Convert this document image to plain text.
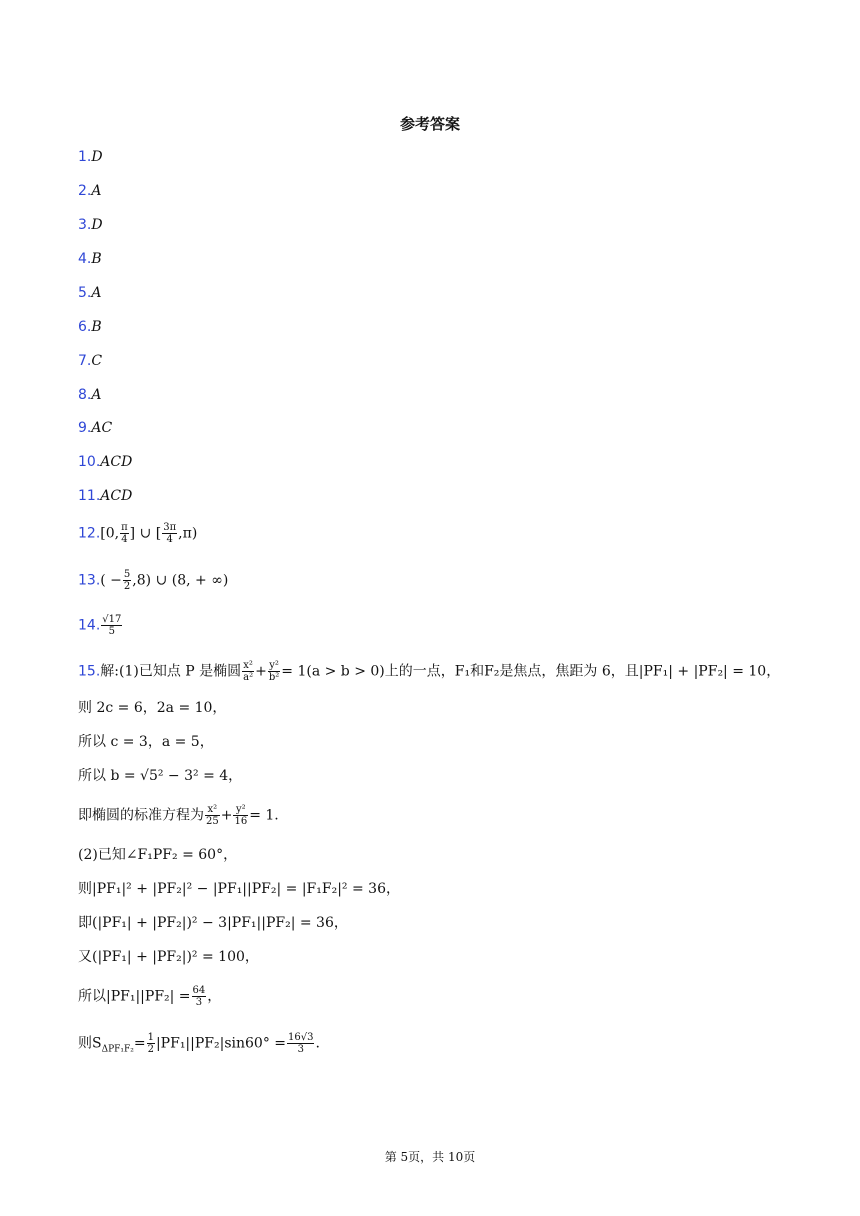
参考答案
1.D
2.A
3.D
4.B
5.A
6.B
7.C
8.A
9.AC
10.ACD
11.ACD
12.[0, $\frac{\pi}{4}$ ] ∪ [ $\frac{3\pi}{4} ,\pi$)
$13.( - \frac{5}{2} ,8)$ ∪ (8, + ∞)
14. $\frac{√17}{5}$
15.解:(1)已知点 P 是椭圆 $\frac{\text{x²}}{\text{a²}} + \frac{\text{y²}}{\text{b²}} = 1(a > b > 0)$上的一点，F₁和F₂是焦点，焦距为 6，且|PF₁| + |PF₂| = 10，
则 2c = 6，2a = 10，
所以 c = 3，a = 5，
所以 b = √5² − 3² = 4，
即椭圆的标准方程为 $\frac{\text{x²}}{25} + \frac{\text{y²}}{16} = 1$.
(2)已知∠F₁PF₂ = 60°，
则|PF₁|² + |PF₂|² − |PF₁||PF₂| = |F₁F₂|² = 36，
即(|PF₁| + |PF₂|)² − 3|PF₁||PF₂| = 36，
又(|PF₁| + |PF₂|)² = 100，
所以$|PF_1||PF_2| = \frac{64}{3}$ ，
则$S_{\Delta PF_1F_2}= \frac{1}{2} |PF_1||PF_2|\sin 60^\circ = \frac{16√3}{3}$ .
第 5页，共 10页
